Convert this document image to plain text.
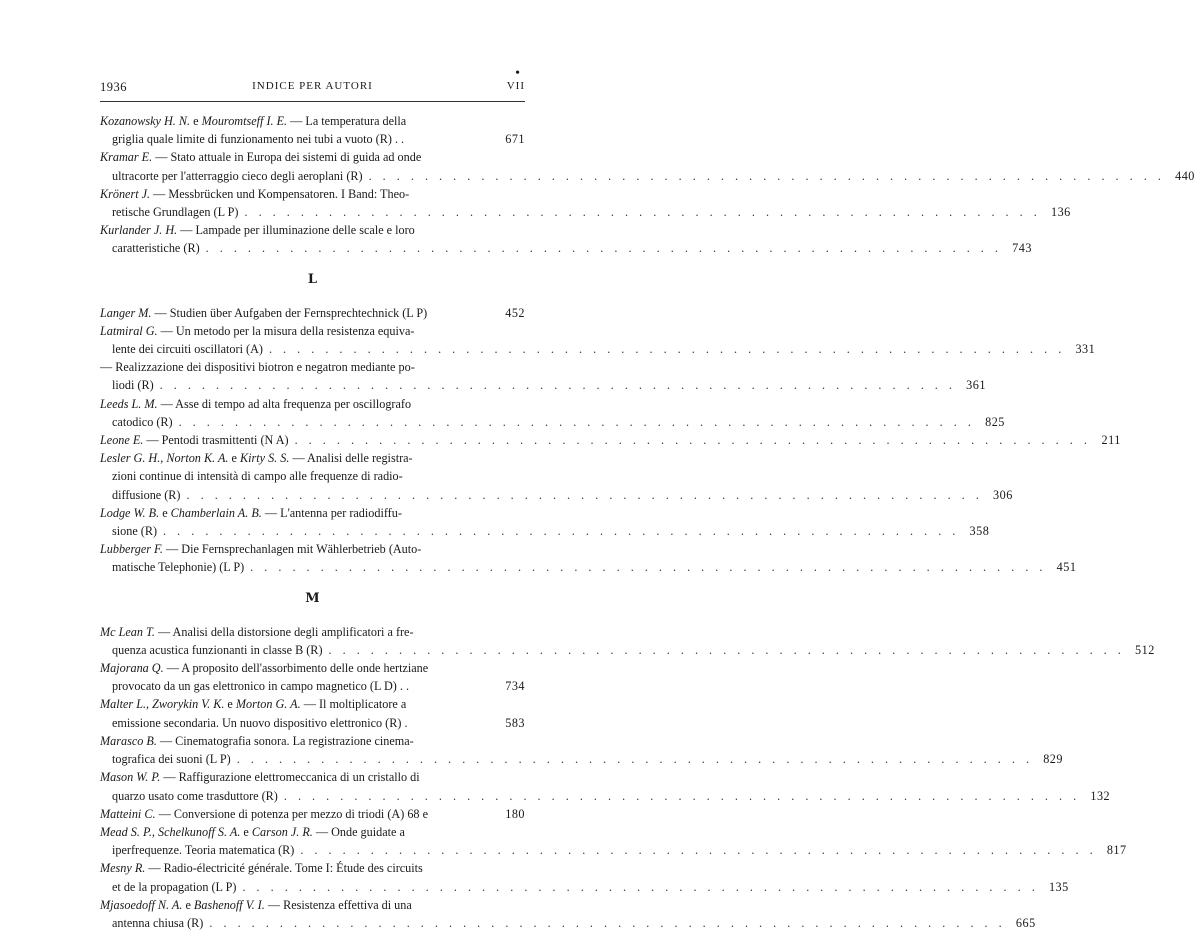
1936	INDICE PER AUTORI	VII
•
Kozanowsky H. N. e Mouromtseff I. E. — La temperatura della
griglia quale limite di funzionamento nei tubi a vuoto (R) . .	671
Kramar E. — Stato attuale in Europa dei sistemi di guida ad onde
ultracorte per l'atterraggio cieco degli aeroplani (R) . . .	440
Krönert J. — Messbrücken und Kompensatoren. I Band: Theo-
retische Grundlagen (L P) . . .	136
Kurlander J. H. — Lampade per illuminazione delle scale e loro
caratteristiche (R) . . .	743
L
Langer M. — Studien über Aufgaben der Fernsprechtechnick (L P)	452
Latmiral G. — Un metodo per la misura della resistenza equiva-
lente dei circuiti oscillatori (A) . . .	331
— Realizzazione dei dispositivi biotron e negatron mediante po-
liodi (R) . . .	361
Leeds L. M. — Asse di tempo ad alta frequenza per oscillografo
catodico (R) . . .	825
Leone E. — Pentodi trasmittenti (N A) . . .	211
Lesler G. H., Norton K. A. e Kirty S. S. — Analisi delle registra-
zioni continue di intensità di campo alle frequenze di radio-
diffusione (R) . . .	306
Lodge W. B. e Chamberlain A. B. — L'antenna per radiodiffu-
sione (R) . . .	358
Lubberger F. — Die Fernsprechanlagen mit Wählerbetrieb (Auto-
matische Telephonie) (L P) . . .	451
M
Mc Lean T. — Analisi della distorsione degli amplificatori a fre-
quenza acustica funzionanti in classe B (R) . . .	512
Majorana Q. — A proposito dell'assorbimento delle onde hertziane
provocato da un gas elettronico in campo magnetico (L D) . .	734
Malter L., Zworykin V. K. e Morton G. A. — Il moltiplicatore a
emissione secondaria. Un nuovo dispositivo elettronico (R) .	583
Marasco B. — Cinematografia sonora. La registrazione cinema-
tografica dei suoni (L P) . . .	829
Mason W. P. — Raffigurazione elettromeccanica di un cristallo di
quarzo usato come trasduttore (R) . . .	132
Matteini C. — Conversione di potenza per mezzo di triodi (A) 68 e	180
Mead S. P., Schelkunoff S. A. e Carson J. R. — Onde guidate a
iperfrequenze. Teoria matematica (R) . . .	817
Mesny R. — Radio-électricité générale. Tome I: Étude des circuits
et de la propagation (L P) . . .	135
Mjasoedoff N. A. e Bashenoff V. I. — Resistenza effettiva di una
antenna chiusa (R) . . .	665
